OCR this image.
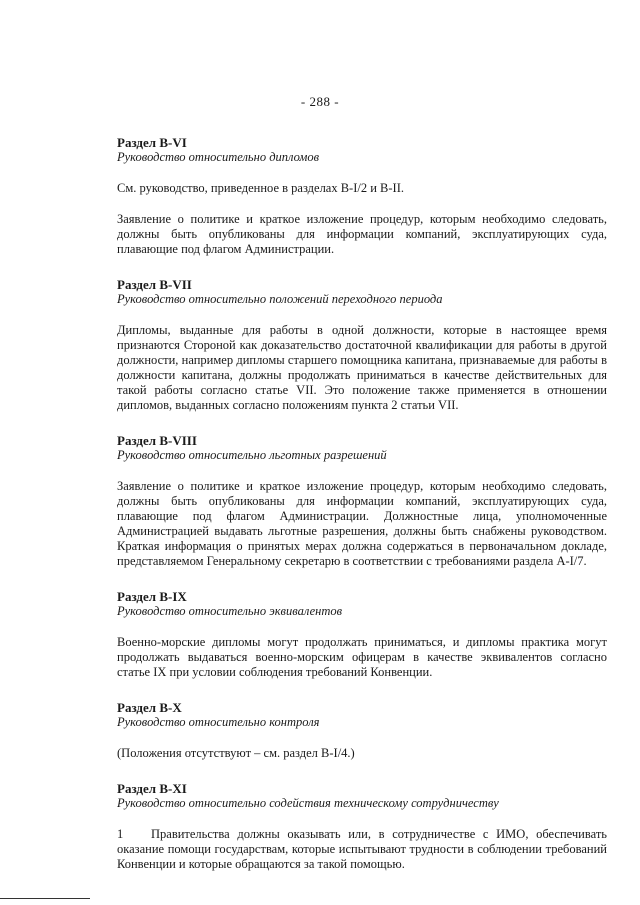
- 288 -

Раздел B-VI

Руководство относительно дипломов

См. руководство, приведенное в разделах B-I/2 и B-II.

Заявление о политике и краткое изложение процедур, которым необходимо следовать, должны быть опубликованы для информации компаний, эксплуатирующих суда, плавающие под флагом Администрации.

Раздел B-VII

Руководство относительно положений переходного периода

Дипломы, выданные для работы в одной должности, которые в настоящее время признаются Стороной как доказательство достаточной квалификации для работы в другой должности, например дипломы старшего помощника капитана, признаваемые для работы в должности капитана, должны продолжать приниматься в качестве действительных для такой работы согласно статье VII. Это положение также применяется в отношении дипломов, выданных согласно положениям пункта 2 статьи VII.

Раздел B-VIII

Руководство относительно льготных разрешений

Заявление о политике и краткое изложение процедур, которым необходимо следовать, должны быть опубликованы для информации компаний, эксплуатирующих суда, плавающие под флагом Администрации. Должностные лица, уполномоченные Администрацией выдавать льготные разрешения, должны быть снабжены руководством. Краткая информация о принятых мерах должна содержаться в первоначальном докладе, представляемом Генеральному секретарю в соответствии с требованиями раздела A-I/7.

Раздел B-IX

Руководство относительно эквивалентов

Военно-морские дипломы могут продолжать приниматься, и дипломы практика могут продолжать выдаваться военно-морским офицерам в качестве эквивалентов согласно статье IX при условии соблюдения требований Конвенции.

Раздел B-X

Руководство относительно контроля

(Положения отсутствуют – см. раздел B-I/4.)

Раздел B-XI

Руководство относительно содействия техническому сотрудничеству

1 Правительства должны оказывать или, в сотрудничестве с ИМО, обеспечивать оказание помощи государствам, которые испытывают трудности в соблюдении требований Конвенции и которые обращаются за такой помощью.
